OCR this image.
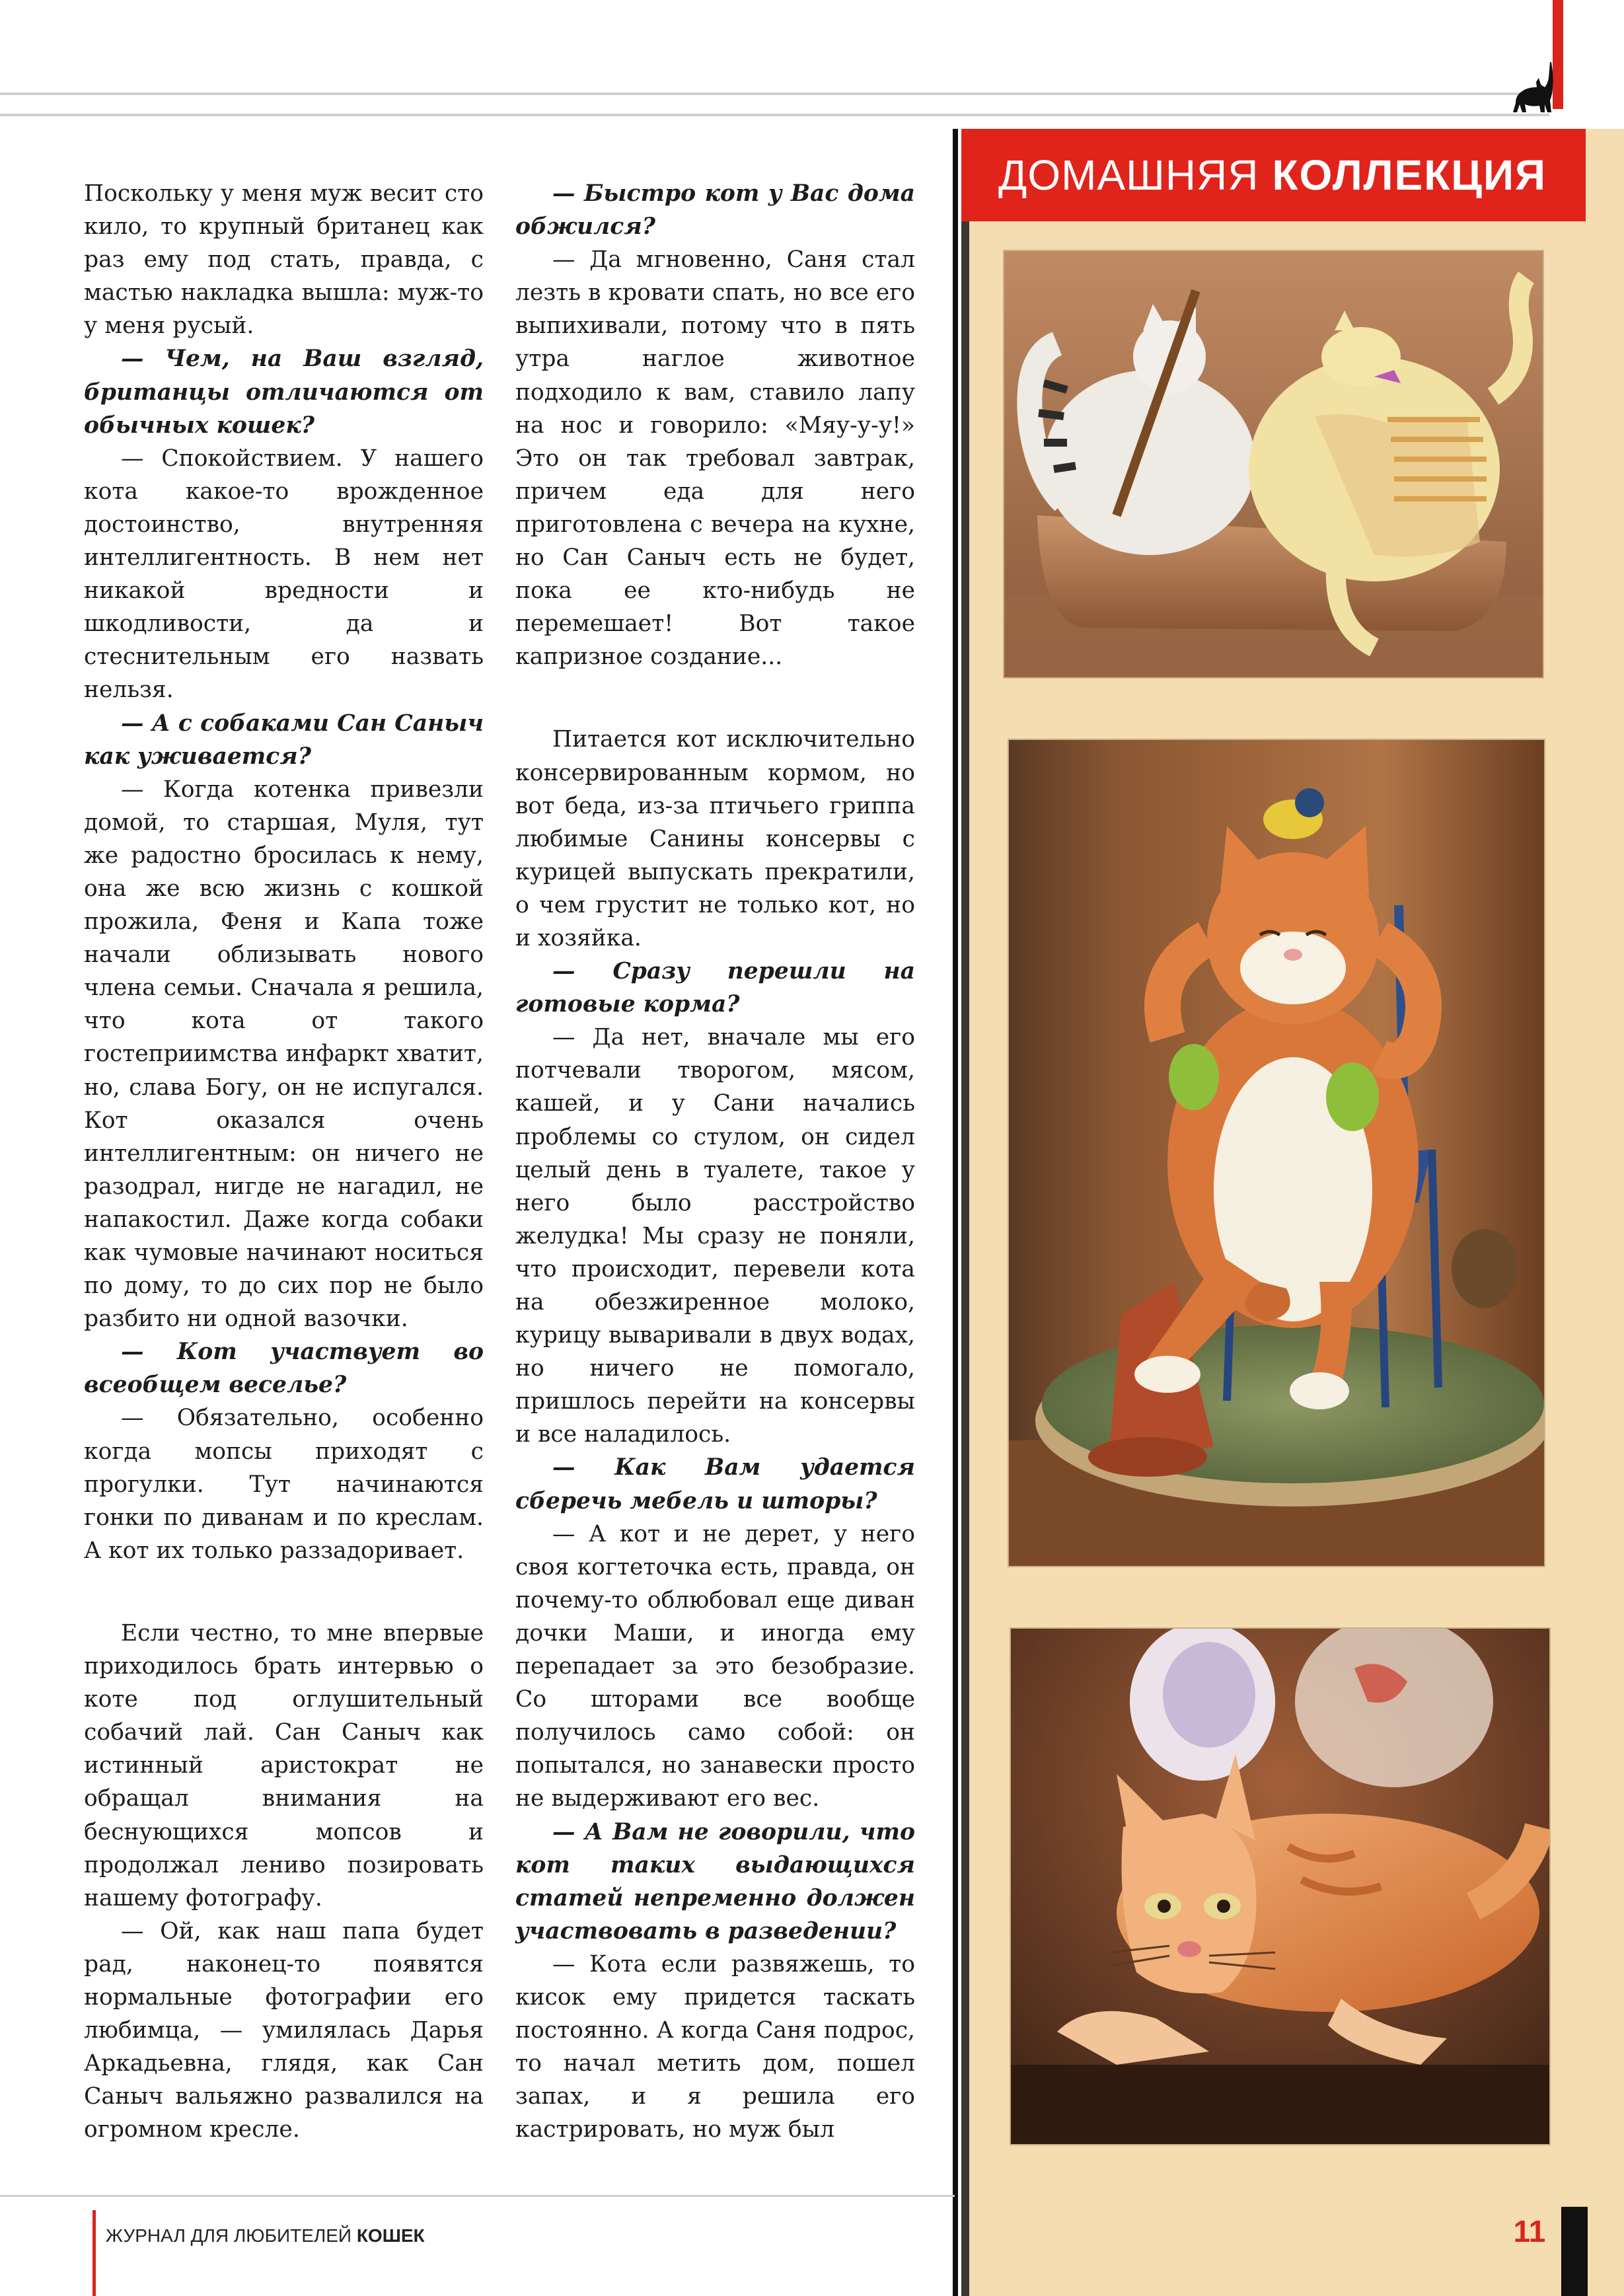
Поскольку у меня муж весит сто кило, то крупный британец как раз ему под стать, правда, с мастью накладка вышла: муж-то у меня русый.

— Чем, на Ваш взгляд, британцы отличаются от обычных кошек?

— Спокойствием. У нашего кота какое-то врожденное достоинство, внутренняя интеллигентность. В нем нет никакой вредности и шкодливости, да и стеснительным его назвать нельзя.

— А с собаками Сан Саныч как уживается?

— Когда котенка привезли домой, то старшая, Муля, тут же радостно бросилась к нему, она же всю жизнь с кошкой прожила, Феня и Капа тоже начали облизывать нового члена семьи. Сначала я решила, что кота от такого гостеприимства инфаркт хватит, но, слава Богу, он не испугался. Кот оказался очень интеллигентным: он ничего не разодрал, нигде не нагадил, не напакостил. Даже когда собаки как чумовые начинают носиться по дому, то до сих пор не было разбито ни одной вазочки.

— Кот участвует во всеобщем веселье?

— Обязательно, особенно когда мопсы приходят с прогулки. Тут начинаются гонки по диванам и по креслам. А кот их только раззадоривает.

Если честно, то мне впервые приходилось брать интервью о коте под оглушительный собачий лай. Сан Саныч как истинный аристократ не обращал внимания на беснующихся мопсов и продолжал лениво позировать нашему фотографу.

— Ой, как наш папа будет рад, наконец-то появятся нормальные фотографии его любимца, — умилялась Дарья Аркадьевна, глядя, как Сан Саныч вальяжно развалился на огромном кресле.

— Быстро кот у Вас дома обжился?

— Да мгновенно, Саня стал лезть в кровати спать, но все его выпихивали, потому что в пять утра наглое животное подходило к вам, ставило лапу на нос и говорило: «Мяу-у-у!» Это он так требовал завтрак, причем еда для него приготовлена с вечера на кухне, но Сан Саныч есть не будет, пока ее кто-нибудь не перемешает! Вот такое капризное создание...

Питается кот исключительно консервированным кормом, но вот беда, из-за птичьего гриппа любимые Санины консервы с курицей выпускать прекратили, о чем грустит не только кот, но и хозяйка.

— Сразу перешли на готовые корма?

— Да нет, вначале мы его потчевали творогом, мясом, кашей, и у Сани начались проблемы со стулом, он сидел целый день в туалете, такое у него было расстройство желудка! Мы сразу не поняли, что происходит, перевели кота на обезжиренное молоко, курицу вываривали в двух водах, но ничего не помогало, пришлось перейти на консервы и все наладилось.

— Как Вам удается сберечь мебель и шторы?

— А кот и не дерет, у него своя когтеточка есть, правда, он почему-то облюбовал еще диван дочки Маши, и иногда ему перепадает за это безобразие. Со шторами все вообще получилось само собой: он попытался, но занавески просто не выдерживают его вес.

— А Вам не говорили, что кот таких выдающихся статей непременно должен участвовать в разведении?

— Кота если развяжешь, то кисок ему придется таскать постоянно. А когда Саня подрос, то начал метить дом, пошел запах, и я решила его кастрировать, но муж был

ДОМАШНЯЯ КОЛЛЕКЦИЯ
ЖУРНАЛ ДЛЯ ЛЮБИТЕЛЕЙ КОШЕК	11
